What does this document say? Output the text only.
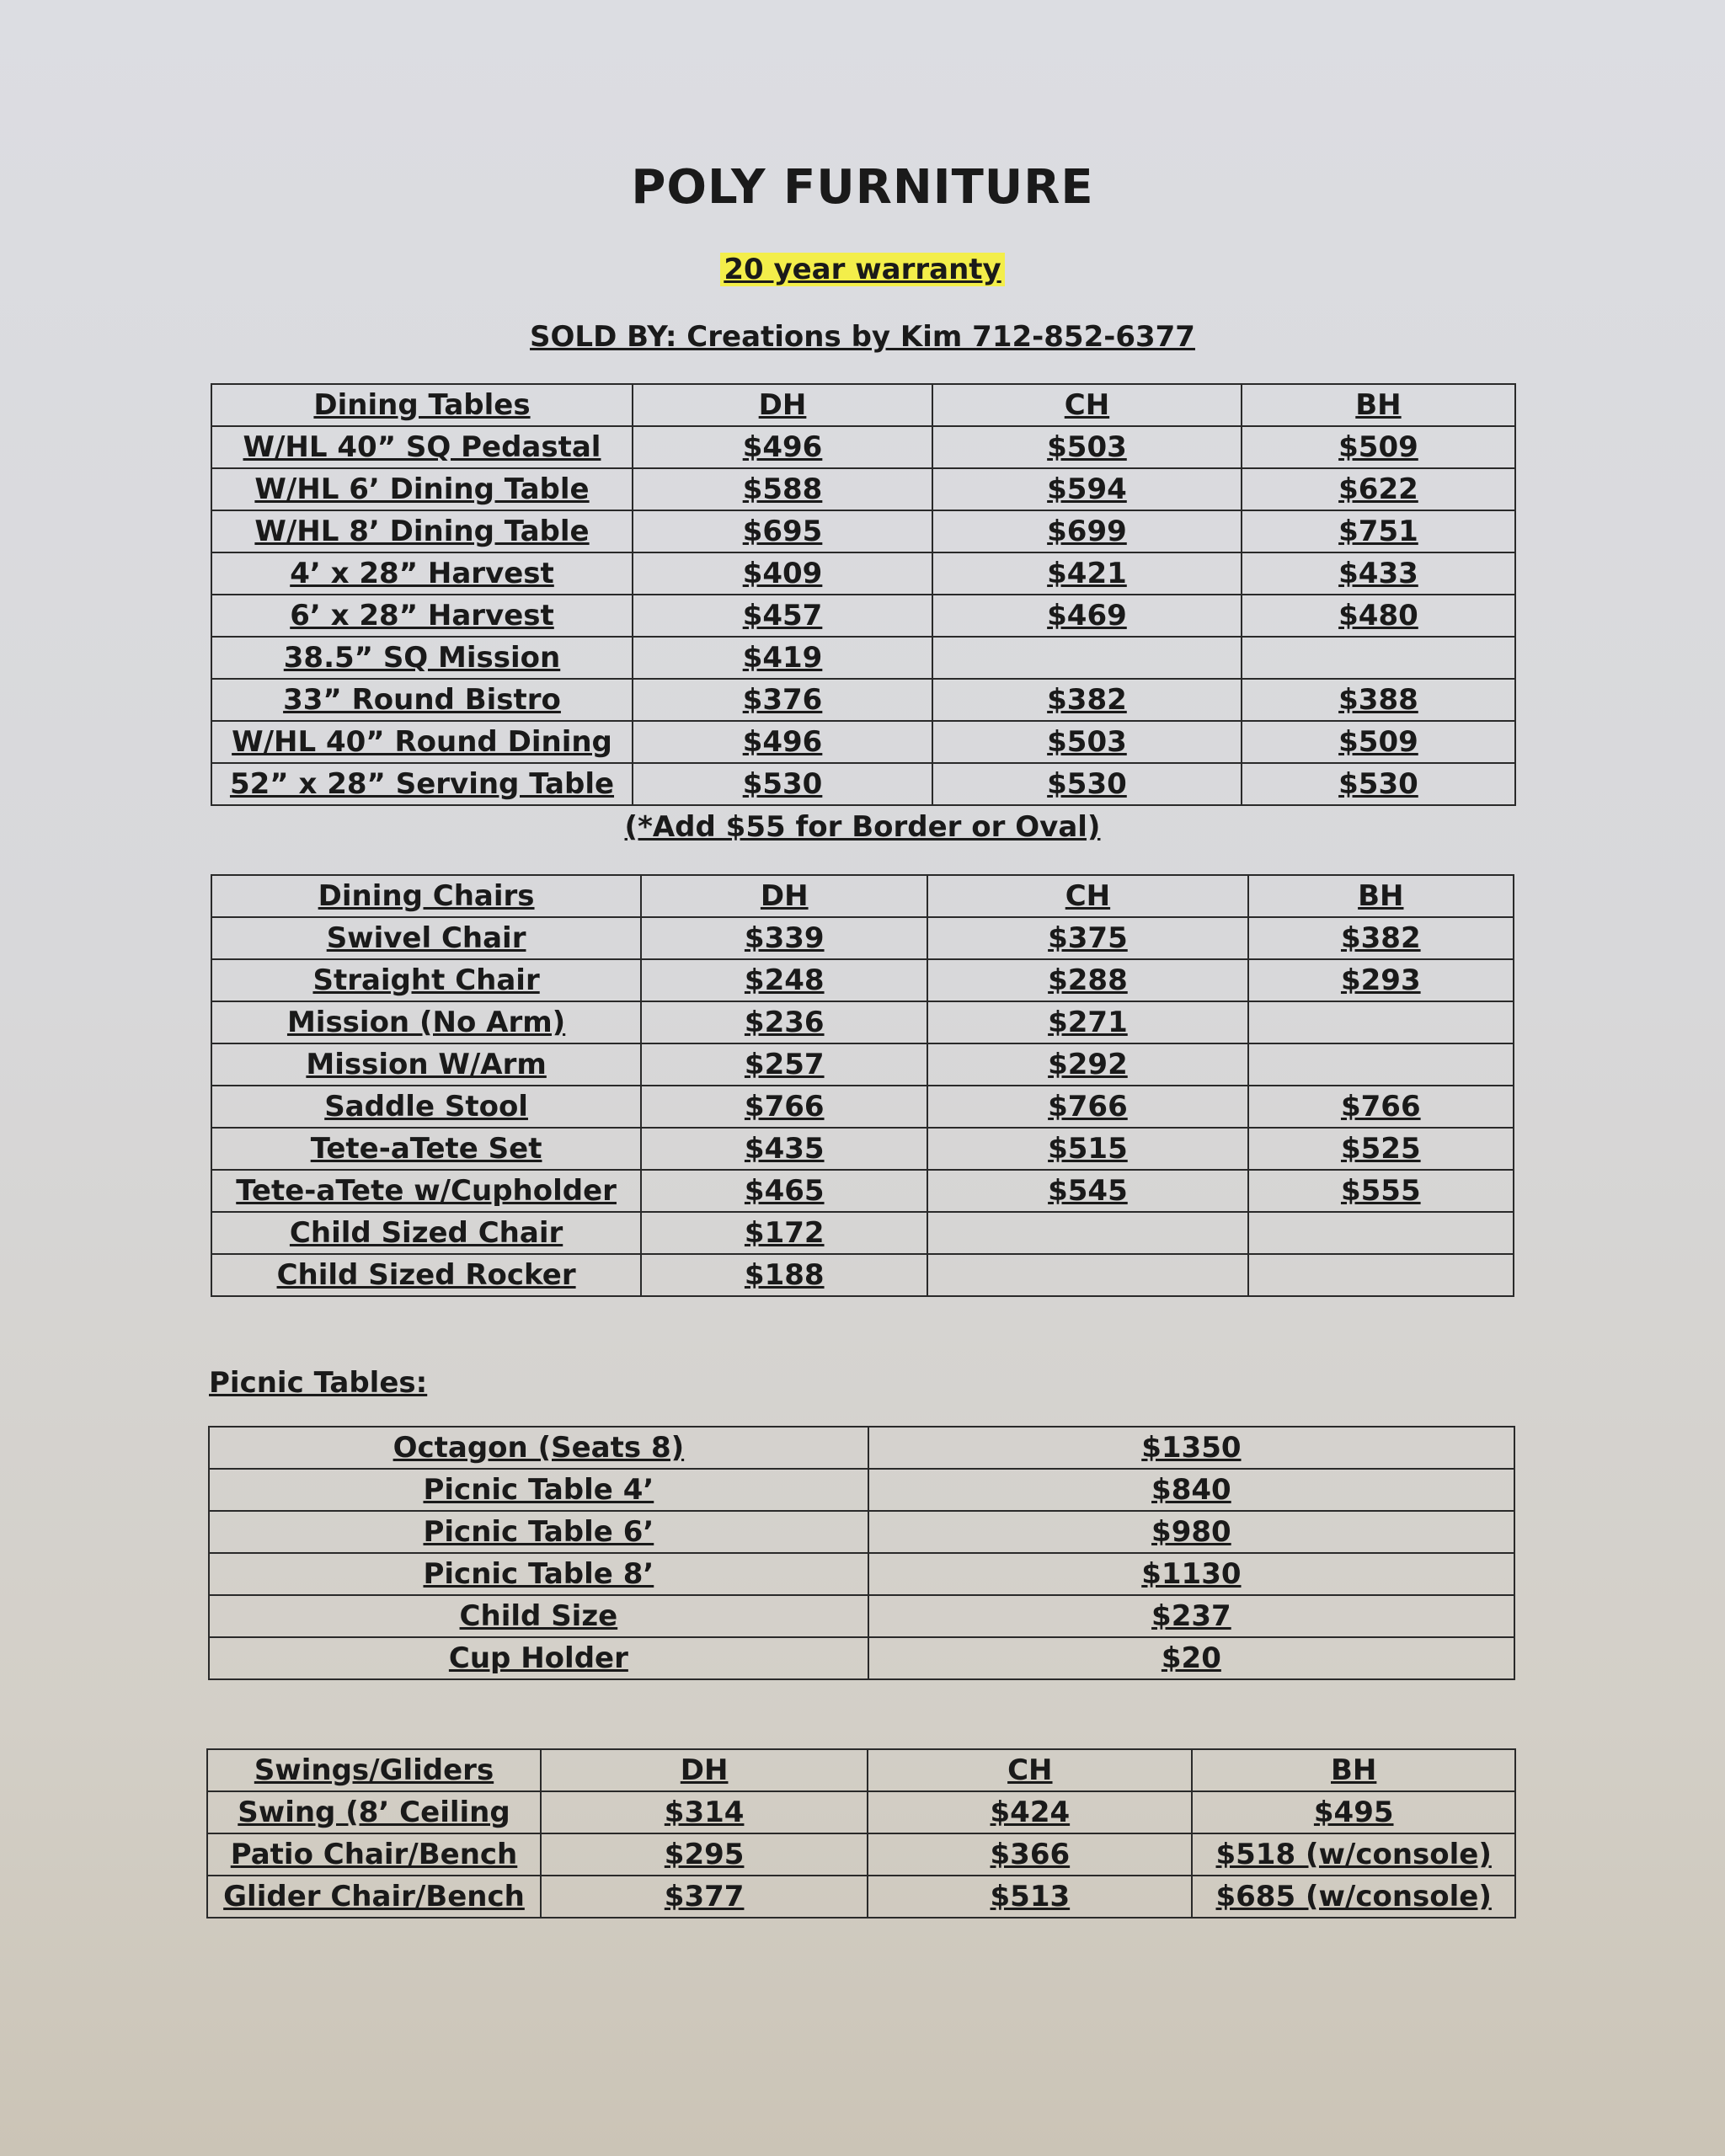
POLY FURNITURE
20 year warranty
SOLD BY: Creations by Kim 712-852-6377
Dining Tables	DH	CH	BH
W/HL 40” SQ Pedastal	$496	$503	$509
W/HL 6’ Dining Table	$588	$594	$622
W/HL 8’ Dining Table	$695	$699	$751
4’ x 28” Harvest	$409	$421	$433
6’ x 28” Harvest	$457	$469	$480
38.5” SQ Mission	$419		
33” Round Bistro	$376	$382	$388
W/HL 40” Round Dining	$496	$503	$509
52” x 28” Serving Table	$530	$530	$530
(*Add $55 for Border or Oval)
Dining Chairs	DH	CH	BH
Swivel Chair	$339	$375	$382
Straight Chair	$248	$288	$293
Mission (No Arm)	$236	$271	
Mission W/Arm	$257	$292	
Saddle Stool	$766	$766	$766
Tete-aTete Set	$435	$515	$525
Tete-aTete w/Cupholder	$465	$545	$555
Child Sized Chair	$172		
Child Sized Rocker	$188		
Picnic Tables:
Octagon (Seats 8)	$1350
Picnic Table 4’	$840
Picnic Table 6’	$980
Picnic Table 8’	$1130
Child Size	$237
Cup Holder	$20
Swings/Gliders	DH	CH	BH
Swing (8’ Ceiling	$314	$424	$495
Patio Chair/Bench	$295	$366	$518 (w/console)
Glider Chair/Bench	$377	$513	$685 (w/console)
